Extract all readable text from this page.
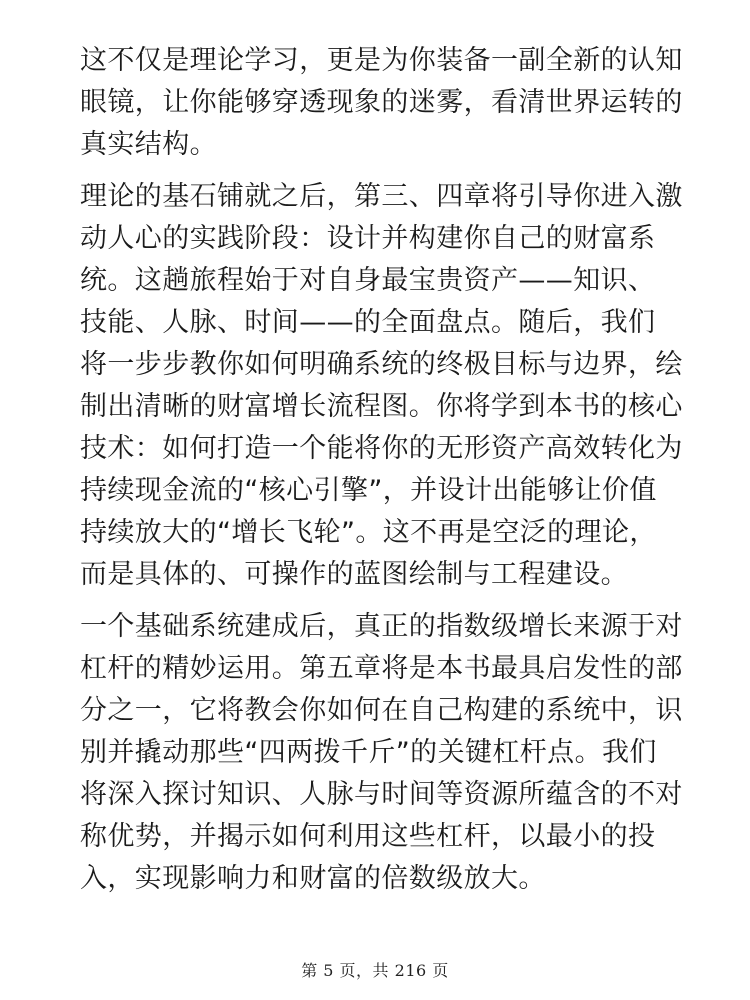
这不仅是理论学习，更是为你装备一副全新的认知
眼镜，让你能够穿透现象的迷雾，看清世界运转的
真实结构。
理论的基石铺就之后，第三、四章将引导你进入激
动人心的实践阶段：设计并构建你自己的财富系
统。这趟旅程始于对自身最宝贵资产——知识、
技能、人脉、时间——的全面盘点。随后，我们
将一步步教你如何明确系统的终极目标与边界，绘
制出清晰的财富增长流程图。你将学到本书的核心
技术：如何打造一个能将你的无形资产高效转化为
持续现金流的“核心引擎”，并设计出能够让价值
持续放大的“增长飞轮”。这不再是空泛的理论，
而是具体的、可操作的蓝图绘制与工程建设。
一个基础系统建成后，真正的指数级增长来源于对
杠杆的精妙运用。第五章将是本书最具启发性的部
分之一，它将教会你如何在自己构建的系统中，识
别并撬动那些“四两拨千斤”的关键杠杆点。我们
将深入探讨知识、人脉与时间等资源所蕴含的不对
称优势，并揭示如何利用这些杠杆，以最小的投
入，实现影响力和财富的倍数级放大。
第 5 页，共 216 页
